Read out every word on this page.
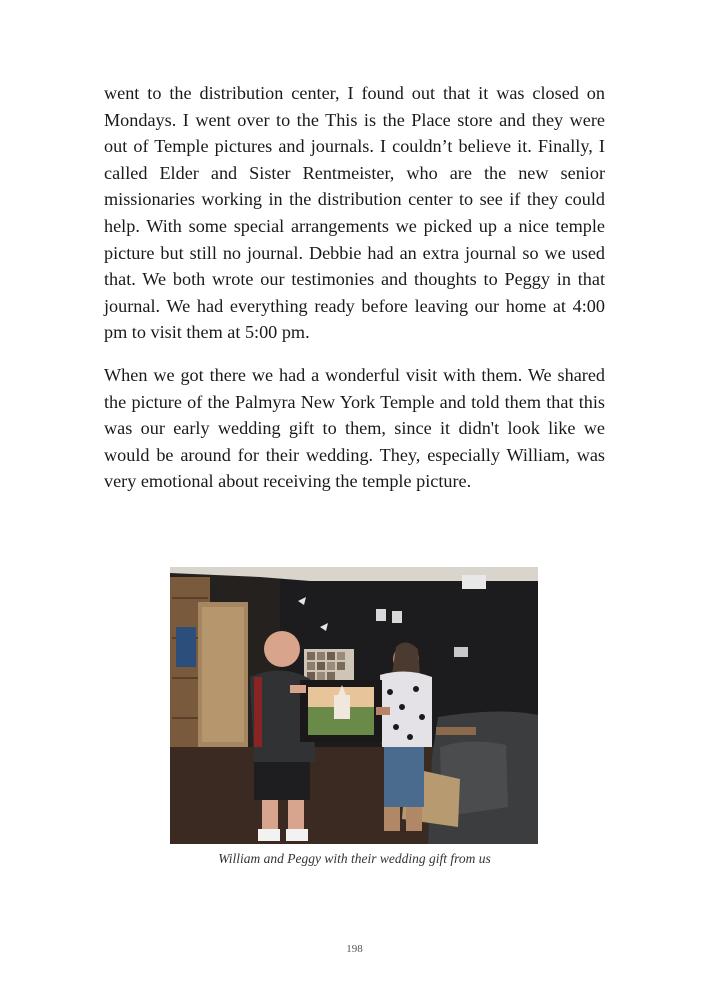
went to the distribution center, I found out that it was closed on Mondays. I went over to the This is the Place store and they were out of Temple pictures and journals. I couldn’t believe it. Finally, I called Elder and Sister Rentmeister, who are the new senior missionaries working in the distribution center to see if they could help. With some special arrangements we picked up a nice temple picture but still no journal. Debbie had an extra journal so we used that. We both wrote our testimonies and thoughts to Peggy in that journal. We had everything ready before leaving our home at 4:00 pm to visit them at 5:00 pm.

When we got there we had a wonderful visit with them. We shared the picture of the Palmyra New York Temple and told them that this was our early wedding gift to them, since it didn't look like we would be around for their wedding. They, especially William, was very emotional about receiving the temple picture.

William and Peggy with their wedding gift from us
198
